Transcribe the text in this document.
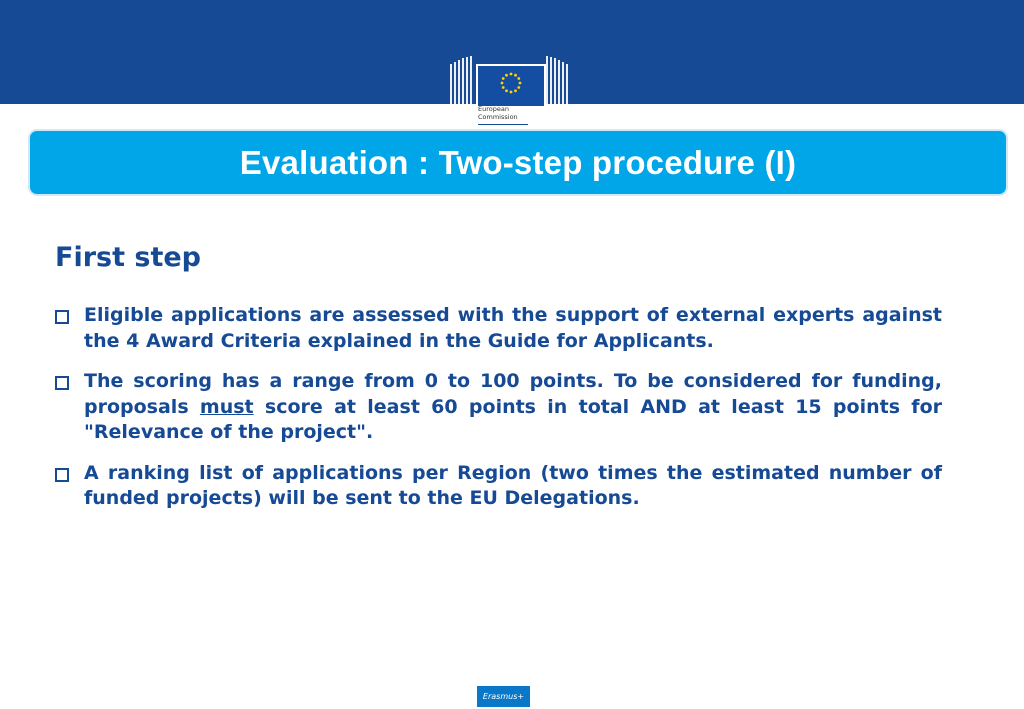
European
Commission
Evaluation : Two-step procedure (I)
First step
Eligible applications are assessed with the support of external experts against the 4 Award Criteria explained in the Guide for Applicants.
The scoring has a range from 0 to 100 points. To be considered for funding, proposals must score at least 60 points in total AND at least 15 points for "Relevance of the project".
A ranking list of applications per Region (two times the estimated number of funded projects) will be sent to the EU Delegations.
Erasmus+
